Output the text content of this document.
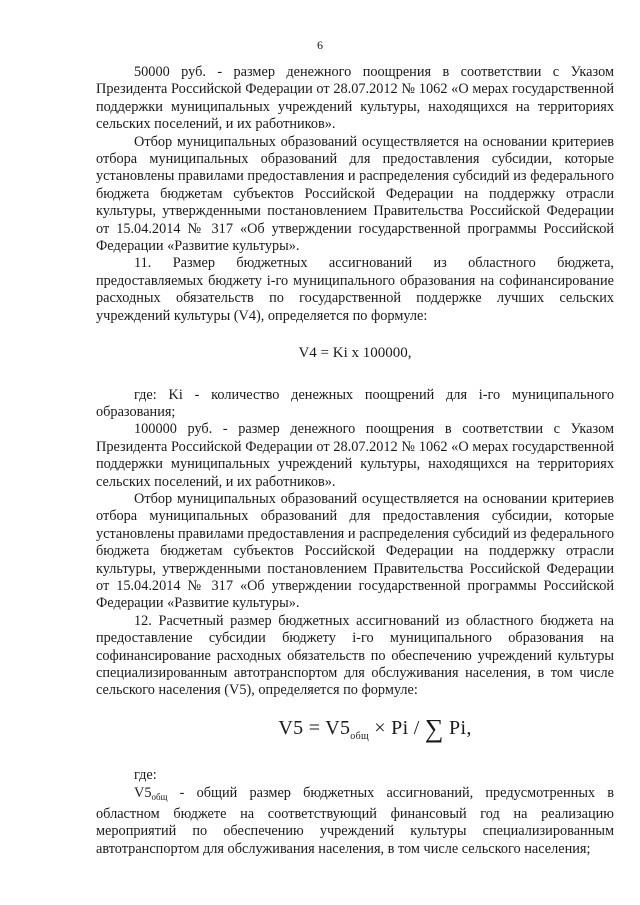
6

50000 руб. - размер денежного поощрения в соответствии с Указом Президента Российской Федерации от 28.07.2012 № 1062 «О мерах государственной поддержки муниципальных учреждений культуры, находящихся на территориях сельских поселений, и их работников».

Отбор муниципальных образований осуществляется на основании критериев отбора муниципальных образований для предоставления субсидии, которые установлены правилами предоставления и распределения субсидий из федерального бюджета бюджетам субъектов Российской Федерации на поддержку отрасли культуры, утвержденными постановлением Правительства Российской Федерации от 15.04.2014 № 317 «Об утверждении государственной программы Российской Федерации «Развитие культуры».

11. Размер бюджетных ассигнований из областного бюджета, предоставляемых бюджету i-го муниципального образования на софинансирование расходных обязательств по государственной поддержке лучших сельских учреждений культуры (V4), определяется по формуле:

V4 = Ki x 100000,

где: Ki - количество денежных поощрений для i-го муниципального образования;

100000 руб. - размер денежного поощрения в соответствии с Указом Президента Российской Федерации от 28.07.2012 № 1062 «О мерах государственной поддержки муниципальных учреждений культуры, находящихся на территориях сельских поселений, и их работников».

Отбор муниципальных образований осуществляется на основании критериев отбора муниципальных образований для предоставления субсидии, которые установлены правилами предоставления и распределения субсидий из федерального бюджета бюджетам субъектов Российской Федерации на поддержку отрасли культуры, утвержденными постановлением Правительства Российской Федерации от 15.04.2014 № 317 «Об утверждении государственной программы Российской Федерации «Развитие культуры».

12. Расчетный размер бюджетных ассигнований из областного бюджета на предоставление субсидии бюджету i-го муниципального образования на софинансирование расходных обязательств по обеспечению учреждений культуры специализированным автотранспортом для обслуживания населения, в том числе сельского населения (V5), определяется по формуле:

$V5 = V5_{общ} \times Pi$ / ∑ Pi,

где:

$V5_{общ}$ - общий размер бюджетных ассигнований, предусмотренных в областном бюджете на соответствующий финансовый год на реализацию мероприятий по обеспечению учреждений культуры специализированным автотранспортом для обслуживания населения, в том числе сельского населения;
